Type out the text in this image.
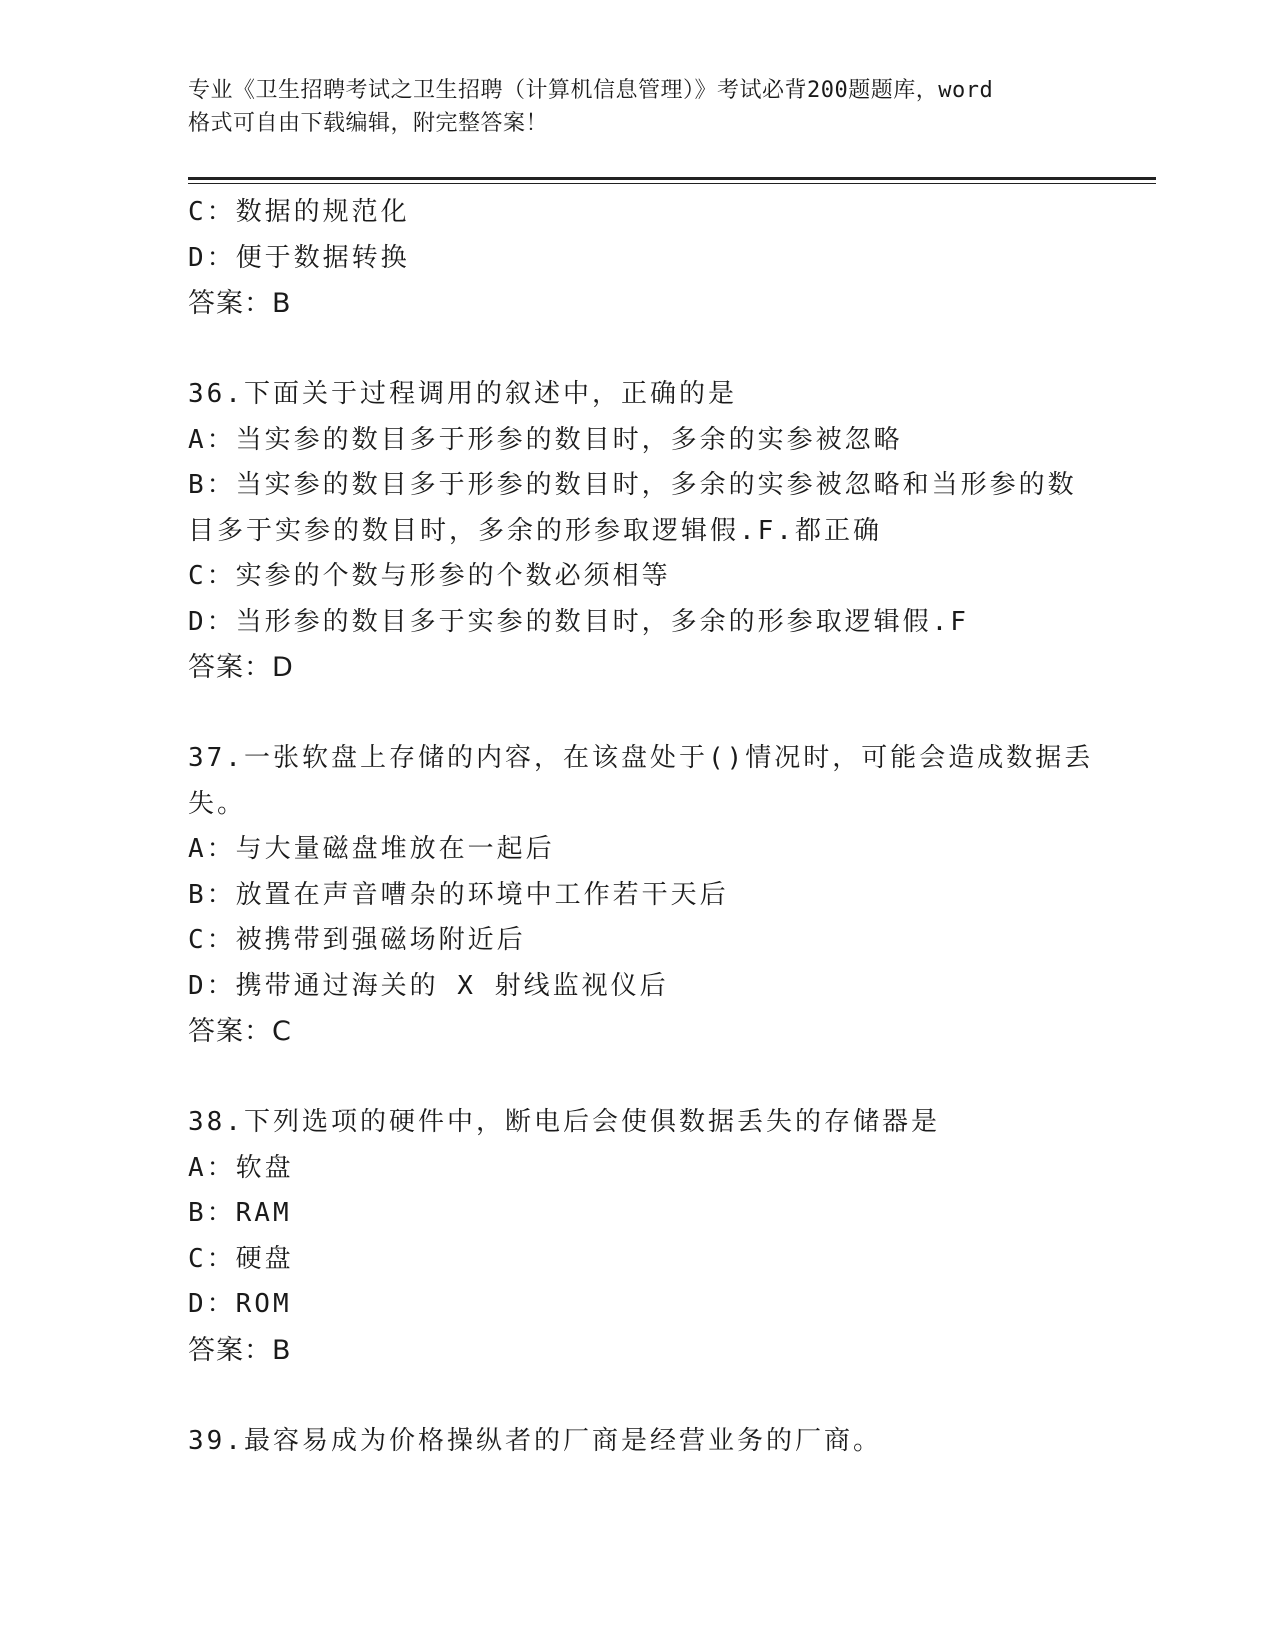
专业《卫生招聘考试之卫生招聘（计算机信息管理）》考试必背200题题库，word
格式可自由下载编辑，附完整答案！
C：数据的规范化
D：便于数据转换
答案：B
36.下面关于过程调用的叙述中，正确的是
A：当实参的数目多于形参的数目时，多余的实参被忽略
B：当实参的数目多于形参的数目时，多余的实参被忽略和当形参的数
目多于实参的数目时，多余的形参取逻辑假.F.都正确
C：实参的个数与形参的个数必须相等
D：当形参的数目多于实参的数目时，多余的形参取逻辑假.F
答案：D
37.一张软盘上存储的内容，在该盘处于()情况时，可能会造成数据丢
失。
A：与大量磁盘堆放在一起后
B：放置在声音嘈杂的环境中工作若干天后
C：被携带到强磁场附近后
D：携带通过海关的 X 射线监视仪后
答案：C
38.下列选项的硬件中，断电后会使俱数据丢失的存储器是
A：软盘
B：RAM
C：硬盘
D：ROM
答案：B
39.最容易成为价格操纵者的厂商是经营业务的厂商。
